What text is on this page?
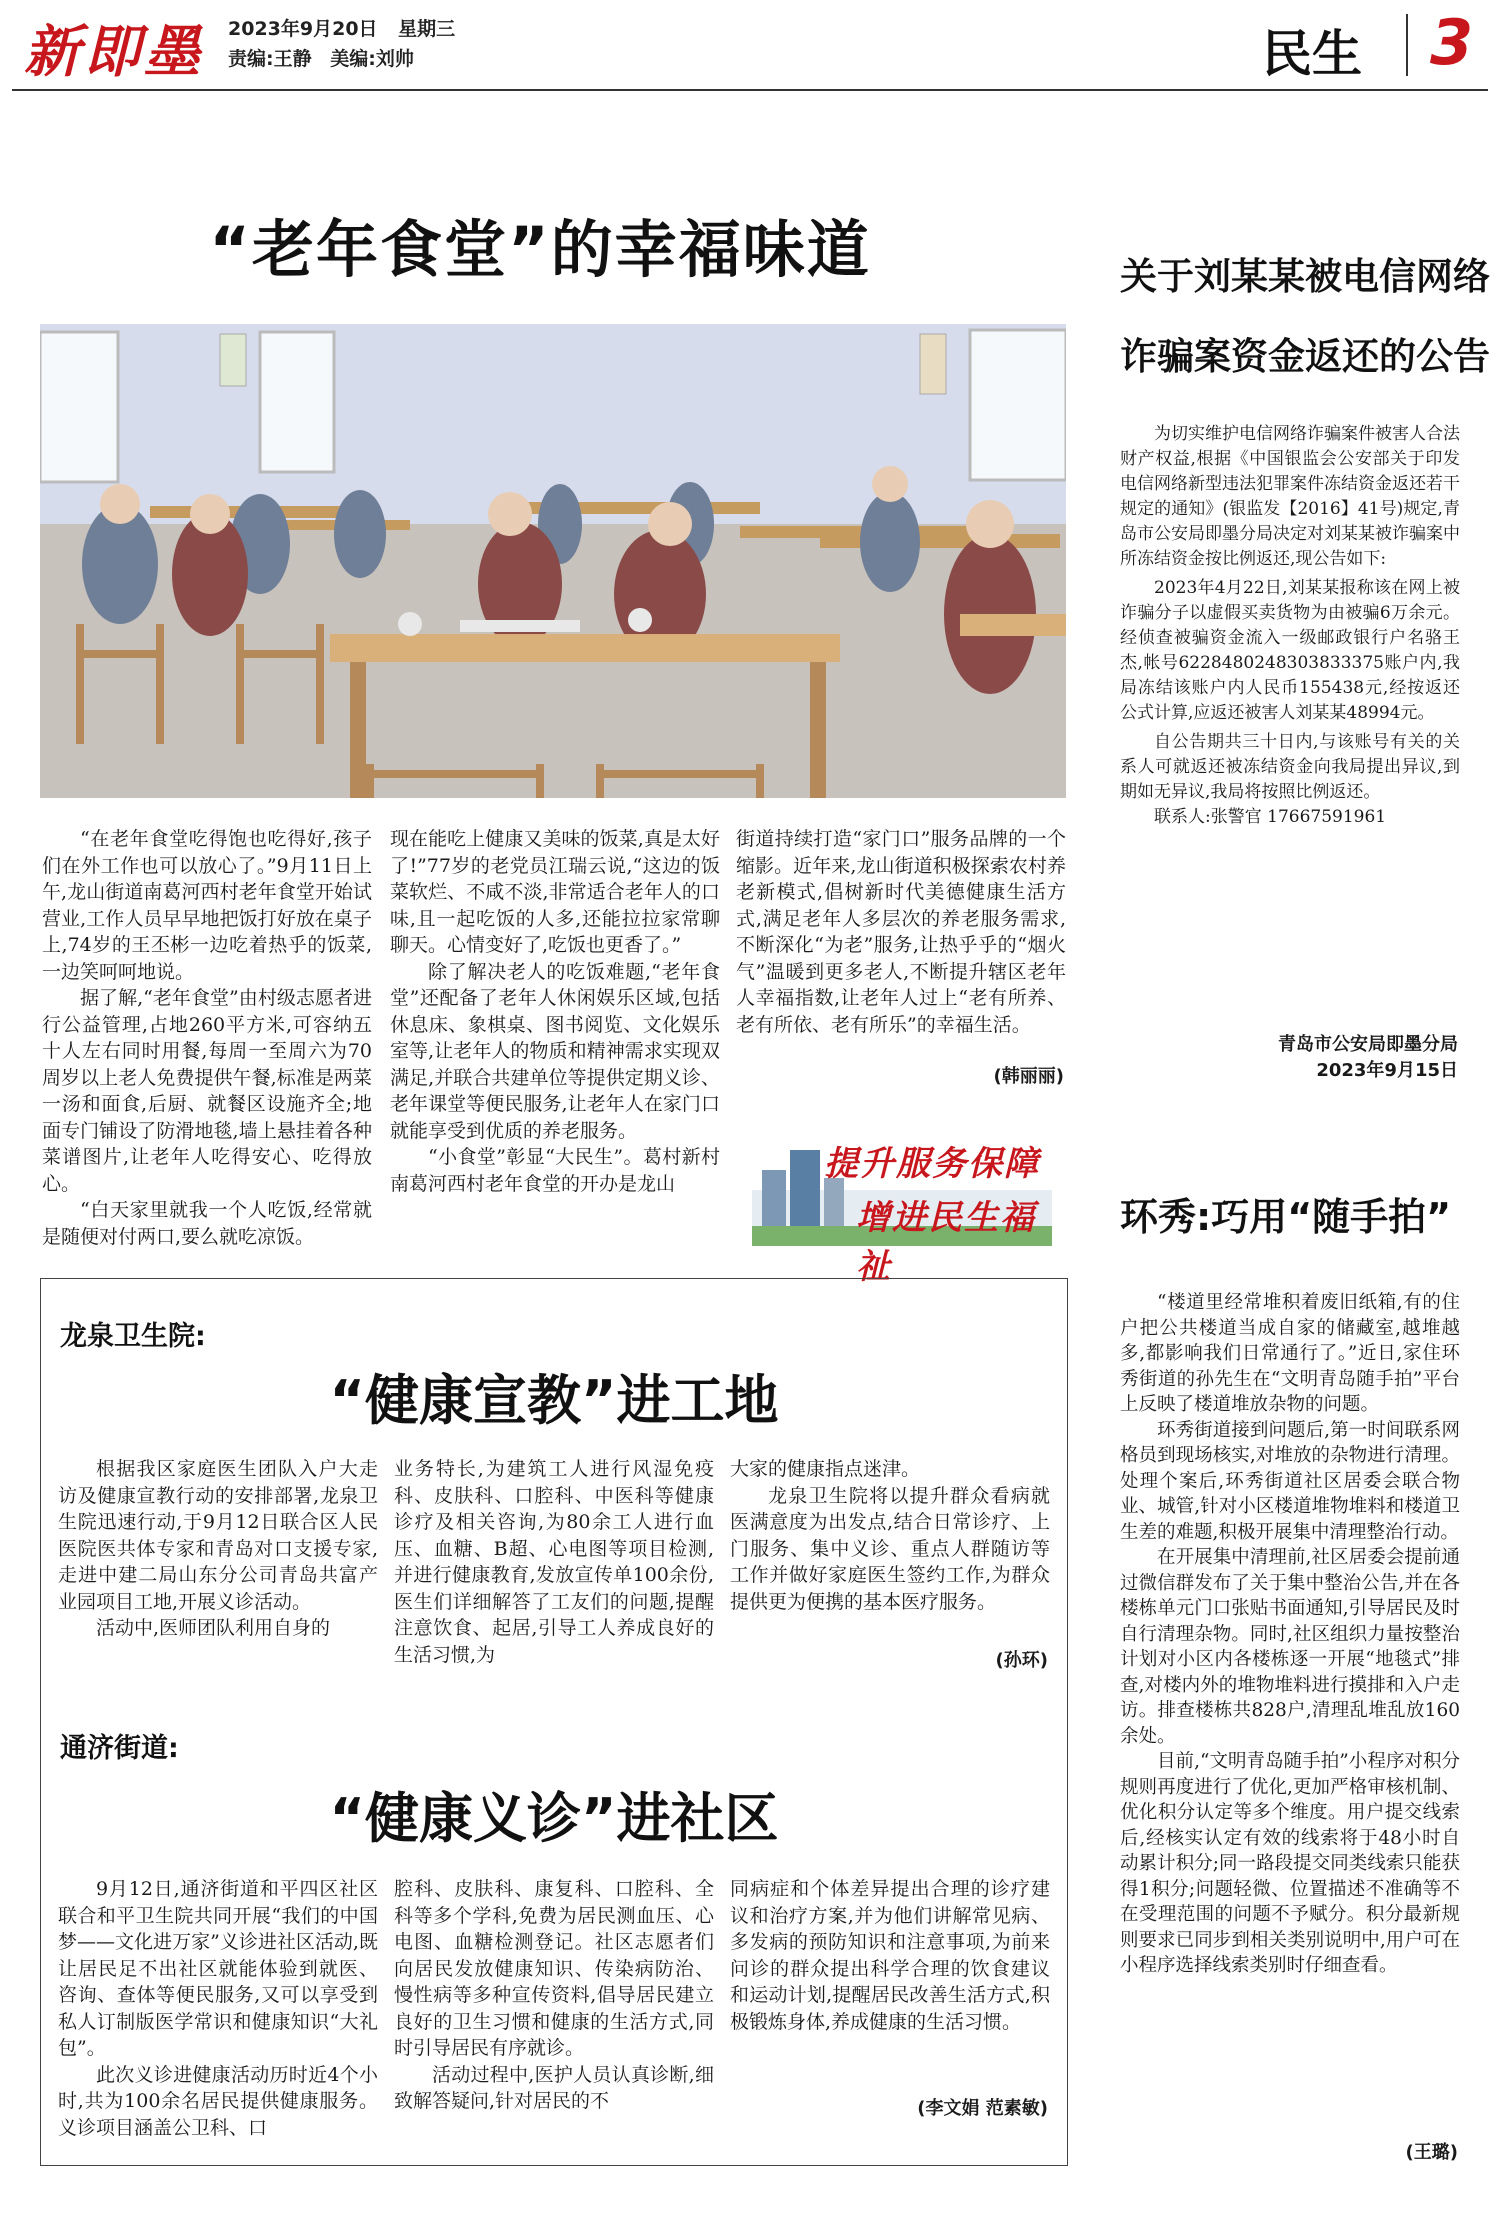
新即墨 2023年9月20日 星期三
责编:王静 美编:刘帅	民生 3
“老年食堂”的幸福味道

“在老年食堂吃得饱也吃得好,孩子们在外工作也可以放心了。”9月11日上午,龙山街道南葛河西村老年食堂开始试营业,工作人员早早地把饭打好放在桌子上,74岁的王丕彬一边吃着热乎的饭菜,一边笑呵呵地说。

据了解,“老年食堂”由村级志愿者进行公益管理,占地260平方米,可容纳五十人左右同时用餐,每周一至周六为70周岁以上老人免费提供午餐,标准是两菜一汤和面食,后厨、就餐区设施齐全;地面专门铺设了防滑地毯,墙上悬挂着各种菜谱图片,让老年人吃得安心、吃得放心。

“白天家里就我一个人吃饭,经常就是随便对付两口,要么就吃凉饭。

现在能吃上健康又美味的饭菜,真是太好了!”77岁的老党员江瑞云说,“这边的饭菜软烂、不咸不淡,非常适合老年人的口味,且一起吃饭的人多,还能拉拉家常聊聊天。心情变好了,吃饭也更香了。”

除了解决老人的吃饭难题,“老年食堂”还配备了老年人休闲娱乐区域,包括休息床、象棋桌、图书阅览、文化娱乐室等,让老年人的物质和精神需求实现双满足,并联合共建单位等提供定期义诊、老年课堂等便民服务,让老年人在家门口就能享受到优质的养老服务。

“小食堂”彰显“大民生”。葛村新村南葛河西村老年食堂的开办是龙山

街道持续打造“家门口”服务品牌的一个缩影。近年来,龙山街道积极探索农村养老新模式,倡树新时代美德健康生活方式,满足老年人多层次的养老服务需求,不断深化“为老”服务,让热乎乎的“烟火气”温暖到更多老人,不断提升辖区老年人幸福指数,让老年人过上“老有所养、老有所依、老有所乐”的幸福生活。

(韩丽丽)
提升服务保障
增进民生福祉
关于刘某某被电信网络
诈骗案资金返还的公告

为切实维护电信网络诈骗案件被害人合法财产权益,根据《中国银监会公安部关于印发电信网络新型违法犯罪案件冻结资金返还若干规定的通知》(银监发【2016】41号)规定,青岛市公安局即墨分局决定对刘某某被诈骗案中所冻结资金按比例返还,现公告如下:

2023年4月22日,刘某某报称该在网上被诈骗分子以虚假买卖货物为由被骗6万余元。经侦查被骗资金流入一级邮政银行户名骆王杰,帐号6228480248303833375账户内,我局冻结该账户内人民币155438元,经按返还公式计算,应返还被害人刘某某48994元。

自公告期共三十日内,与该账号有关的关系人可就返还被冻结资金向我局提出异议,到期如无异议,我局将按照比例返还。

联系人:张警官 17667591961

青岛市公安局即墨分局
2023年9月15日
环秀:巧用“随手拍”

“楼道里经常堆积着废旧纸箱,有的住户把公共楼道当成自家的储藏室,越堆越多,都影响我们日常通行了。”近日,家住环秀街道的孙先生在“文明青岛随手拍”平台上反映了楼道堆放杂物的问题。

环秀街道接到问题后,第一时间联系网格员到现场核实,对堆放的杂物进行清理。处理个案后,环秀街道社区居委会联合物业、城管,针对小区楼道堆物堆料和楼道卫生差的难题,积极开展集中清理整治行动。

在开展集中清理前,社区居委会提前通过微信群发布了关于集中整治公告,并在各楼栋单元门口张贴书面通知,引导居民及时自行清理杂物。同时,社区组织力量按整治计划对小区内各楼栋逐一开展“地毯式”排查,对楼内外的堆物堆料进行摸排和入户走访。排查楼栋共828户,清理乱堆乱放160余处。

目前,“文明青岛随手拍”小程序对积分规则再度进行了优化,更加严格审核机制、优化积分认定等多个维度。用户提交线索后,经核实认定有效的线索将于48小时自动累计积分;同一路段提交同类线索只能获得1积分;问题轻微、位置描述不准确等不在受理范围的问题不予赋分。积分最新规则要求已同步到相关类别说明中,用户可在小程序选择线索类别时仔细查看。

(王璐)
龙泉卫生院:
“健康宣教”进工地

根据我区家庭医生团队入户大走访及健康宣教行动的安排部署,龙泉卫生院迅速行动,于9月12日联合区人民医院医共体专家和青岛对口支援专家,走进中建二局山东分公司青岛共富产业园项目工地,开展义诊活动。

活动中,医师团队利用自身的

业务特长,为建筑工人进行风湿免疫科、皮肤科、口腔科、中医科等健康诊疗及相关咨询,为80余工人进行血压、血糖、B超、心电图等项目检测,并进行健康教育,发放宣传单100余份,医生们详细解答了工友们的问题,提醒注意饮食、起居,引导工人养成良好的生活习惯,为

大家的健康指点迷津。

龙泉卫生院将以提升群众看病就医满意度为出发点,结合日常诊疗、上门服务、集中义诊、重点人群随访等工作并做好家庭医生签约工作,为群众提供更为便携的基本医疗服务。

(孙环)
通济街道:
“健康义诊”进社区

9月12日,通济街道和平四区社区联合和平卫生院共同开展“我们的中国梦——文化进万家”义诊进社区活动,既让居民足不出社区就能体验到就医、咨询、查体等便民服务,又可以享受到私人订制版医学常识和健康知识“大礼包”。

此次义诊进健康活动历时近4个小时,共为100余名居民提供健康服务。义诊项目涵盖公卫科、口

腔科、皮肤科、康复科、口腔科、全科等多个学科,免费为居民测血压、心电图、血糖检测登记。社区志愿者们向居民发放健康知识、传染病防治、慢性病等多种宣传资料,倡导居民建立良好的卫生习惯和健康的生活方式,同时引导居民有序就诊。

活动过程中,医护人员认真诊断,细致解答疑问,针对居民的不

同病症和个体差异提出合理的诊疗建议和治疗方案,并为他们讲解常见病、多发病的预防知识和注意事项,为前来问诊的群众提出科学合理的饮食建议和运动计划,提醒居民改善生活方式,积极锻炼身体,养成健康的生活习惯。

(李文娟 范素敏)
